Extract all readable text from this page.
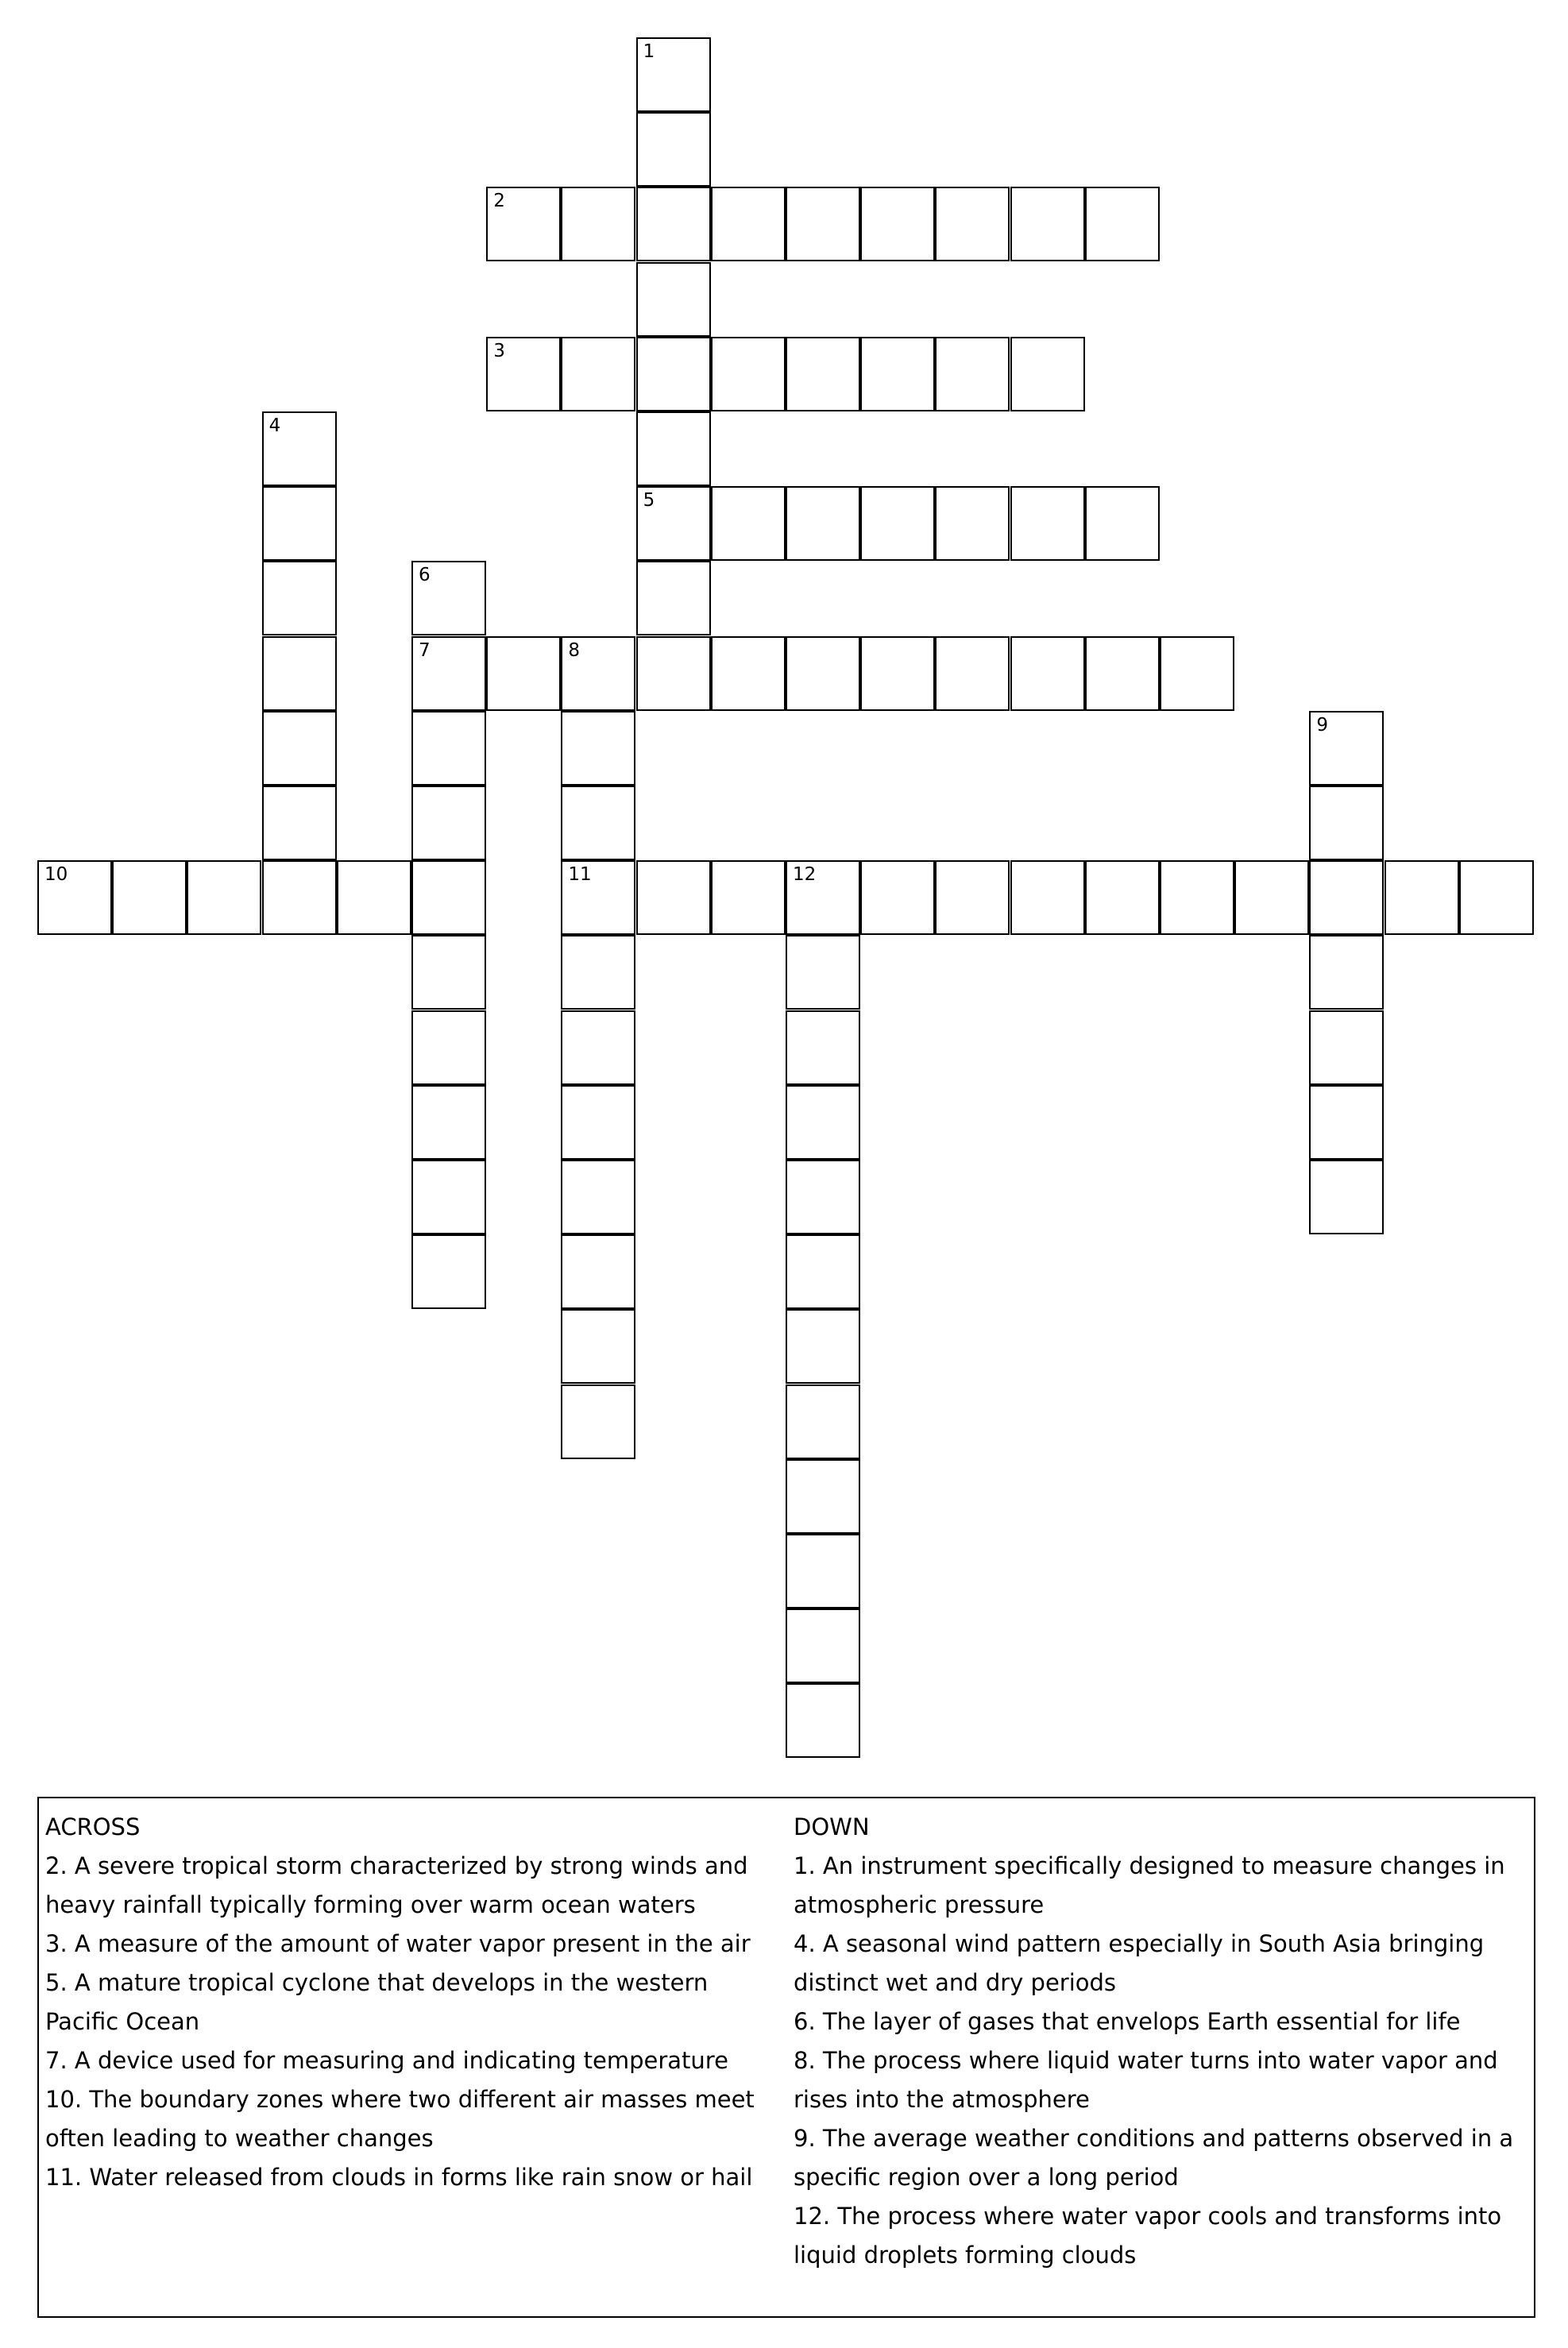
1
5
2
3
4
6
7	8
11
9
10	12
ACROSS

2. A severe tropical storm characterized by strong winds and heavy rainfall typically forming over warm ocean waters

3. A measure of the amount of water vapor present in the air

5. A mature tropical cyclone that develops in the western Pacific Ocean

7. A device used for measuring and indicating temperature

10. The boundary zones where two different air masses meet often leading to weather changes

11. Water released from clouds in forms like rain snow or hail

DOWN

1. An instrument specifically designed to measure changes in atmospheric pressure

4. A seasonal wind pattern especially in South Asia bringing distinct wet and dry periods

6. The layer of gases that envelops Earth essential for life

8. The process where liquid water turns into water vapor and rises into the atmosphere

9. The average weather conditions and patterns observed in a specific region over a long period

12. The process where water vapor cools and transforms into liquid droplets forming clouds
